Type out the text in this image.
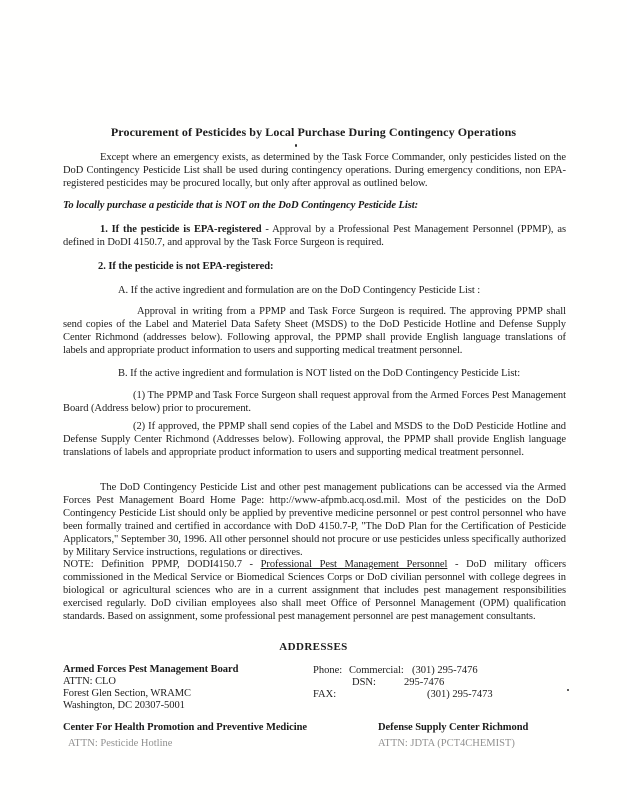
Procurement of Pesticides by Local Purchase During Contingency Operations
Except where an emergency exists, as determined by the Task Force Commander, only pesticides listed on the DoD Contingency Pesticide List shall be used during contingency operations. During emergency conditions, non EPA-registered pesticides may be procured locally, but only after approval as outlined below.
To locally purchase a pesticide that is NOT on the DoD Contingency Pesticide List:
1. If the pesticide is EPA-registered - Approval by a Professional Pest Management Personnel (PPMP), as defined in DoDI 4150.7, and approval by the Task Force Surgeon is required.
2. If the pesticide is not EPA-registered:
A. If the active ingredient and formulation are on the DoD Contingency Pesticide List :
Approval in writing from a PPMP and Task Force Surgeon is required. The approving PPMP shall send copies of the Label and Materiel Data Safety Sheet (MSDS) to the DoD Pesticide Hotline and Defense Supply Center Richmond (addresses below). Following approval, the PPMP shall provide English language translations of labels and appropriate product information to users and supporting medical treatment personnel.
B. If the active ingredient and formulation is NOT listed on the DoD Contingency Pesticide List:
(1) The PPMP and Task Force Surgeon shall request approval from the Armed Forces Pest Management Board (Address below) prior to procurement.
(2) If approved, the PPMP shall send copies of the Label and MSDS to the DoD Pesticide Hotline and Defense Supply Center Richmond (Addresses below). Following approval, the PPMP shall provide English language translations of labels and appropriate product information to users and supporting medical treatment personnel.
The DoD Contingency Pesticide List and other pest management publications can be accessed via the Armed Forces Pest Management Board Home Page: http://www-afpmb.acq.osd.mil. Most of the pesticides on the DoD Contingency Pesticide List should only be applied by preventive medicine personnel or pest control personnel who have been formally trained and certified in accordance with DoD 4150.7-P, "The DoD Plan for the Certification of Pesticide Applicators," September 30, 1996. All other personnel should not procure or use pesticides unless specifically authorized by Military Service instructions, regulations or directives.
NOTE: Definition PPMP, DODI4150.7 - Professional Pest Management Personnel - DoD military officers commissioned in the Medical Service or Biomedical Sciences Corps or DoD civilian personnel with college degrees in biological or agricultural sciences who are in a current assignment that includes pest management responsibilities exercised regularly. DoD civilian employees also shall meet Office of Personnel Management (OPM) qualification standards. Based on assignment, some professional pest management personnel are pest management consultants.
ADDRESSES
Armed Forces Pest Management Board
ATTN: CLO
Forest Glen Section, WRAMC
Washington, DC 20307-5001
Phone: Commercial: (301) 295-7476
DSN:	295-7476
FAX:	(301) 295-7473
Center For Health Promotion and Preventive Medicine	Defense Supply Center Richmond
ATTN: Pesticide Hotline	ATTN: JDTA (PCT4CHEMIST)
